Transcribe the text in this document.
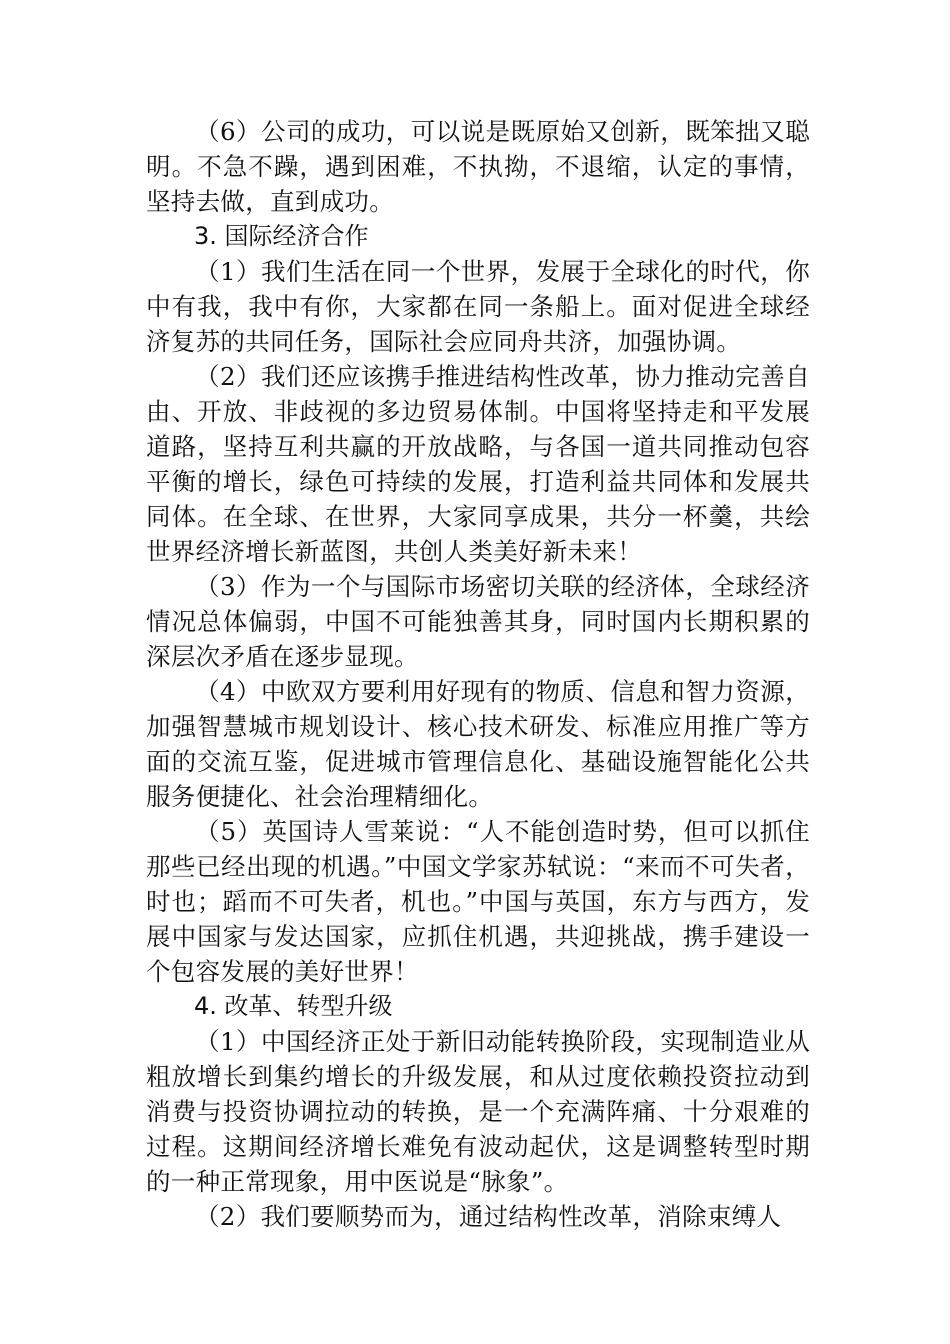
（6）公司的成功，可以说是既原始又创新，既笨拙又聪明。不急不躁，遇到困难，不执拗，不退缩，认定的事情，坚持去做，直到成功。

3. 国际经济合作

（1）我们生活在同一个世界，发展于全球化的时代，你中有我，我中有你，大家都在同一条船上。面对促进全球经济复苏的共同任务，国际社会应同舟共济，加强协调。

（2）我们还应该携手推进结构性改革，协力推动完善自由、开放、非歧视的多边贸易体制。中国将坚持走和平发展道路，坚持互利共赢的开放战略，与各国一道共同推动包容平衡的增长，绿色可持续的发展，打造利益共同体和发展共同体。在全球、在世界，大家同享成果，共分一杯羹，共绘世界经济增长新蓝图，共创人类美好新未来！

（3）作为一个与国际市场密切关联的经济体，全球经济情况总体偏弱，中国不可能独善其身，同时国内长期积累的深层次矛盾在逐步显现。

（4）中欧双方要利用好现有的物质、信息和智力资源，加强智慧城市规划设计、核心技术研发、标准应用推广等方面的交流互鉴，促进城市管理信息化、基础设施智能化公共服务便捷化、社会治理精细化。

（5）英国诗人雪莱说：“人不能创造时势，但可以抓住那些已经出现的机遇。”中国文学家苏轼说：“来而不可失者，时也；蹈而不可失者，机也。”中国与英国，东方与西方，发展中国家与发达国家，应抓住机遇，共迎挑战，携手建设一个包容发展的美好世界！

4. 改革、转型升级

（1）中国经济正处于新旧动能转换阶段，实现制造业从粗放增长到集约增长的升级发展，和从过度依赖投资拉动到消费与投资协调拉动的转换，是一个充满阵痛、十分艰难的过程。这期间经济增长难免有波动起伏，这是调整转型时期的一种正常现象，用中医说是“脉象”。

（2）我们要顺势而为，通过结构性改革，消除束缚人
